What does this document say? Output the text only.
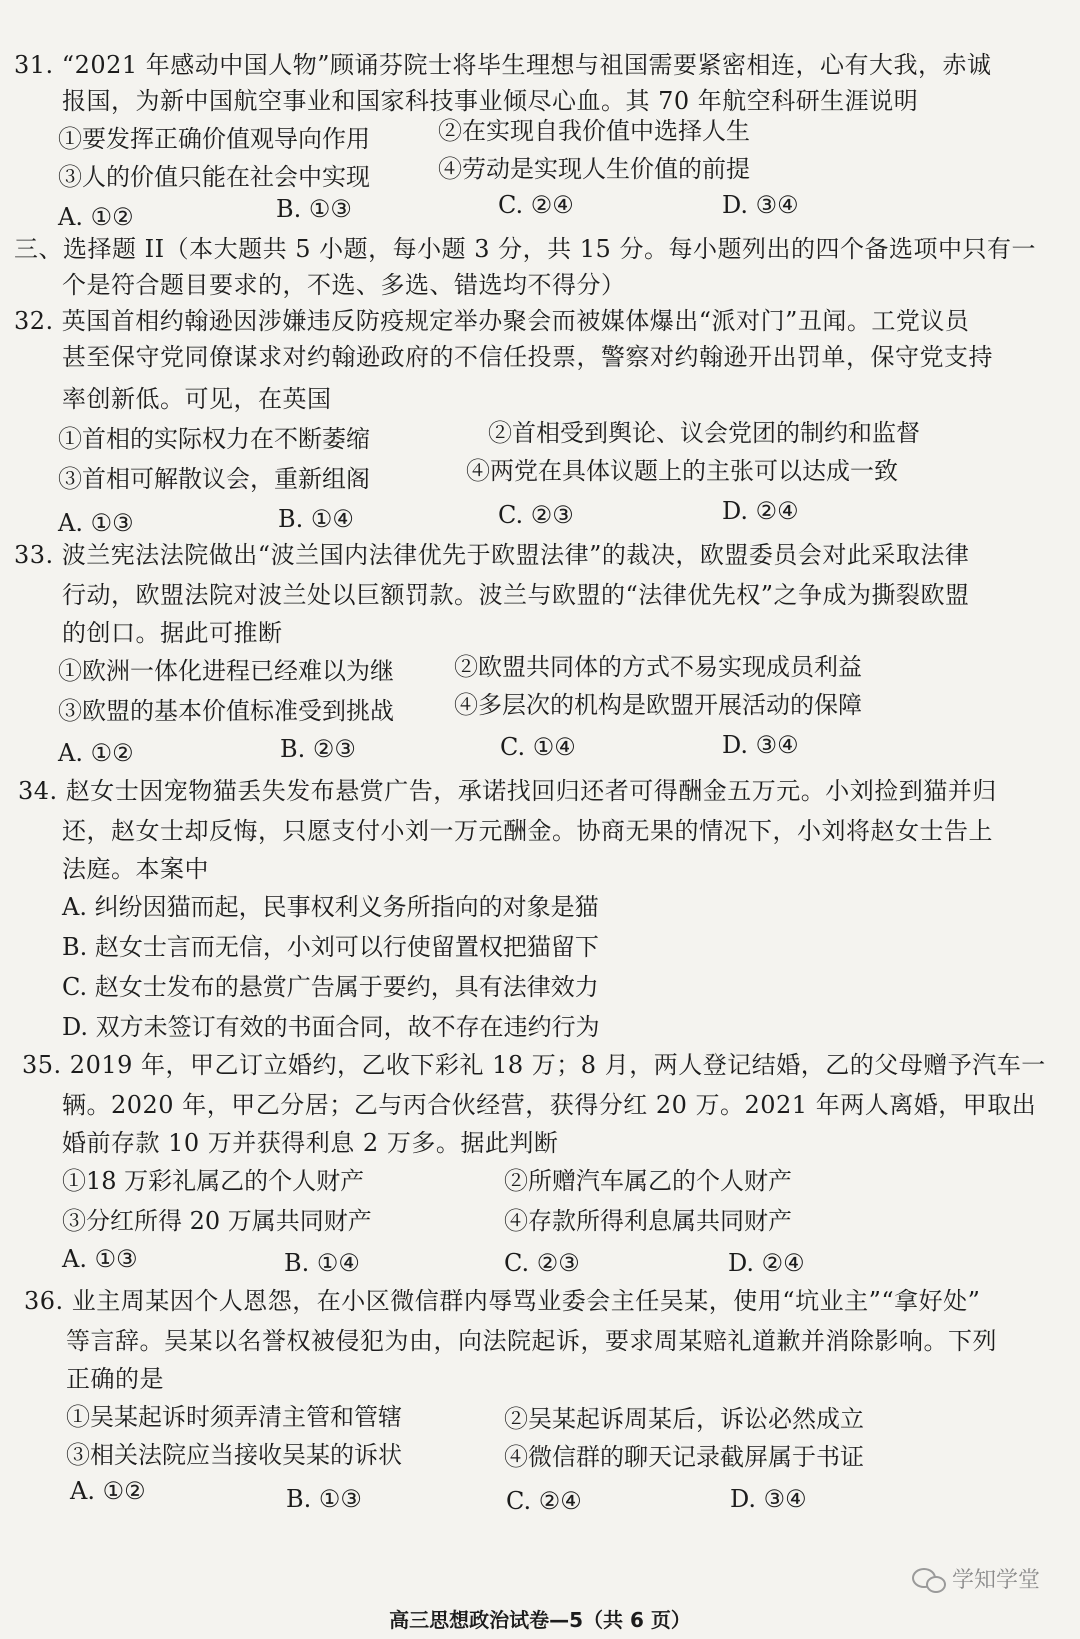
31. “2021 年感动中国人物”顾诵芬院士将毕生理想与祖国需要紧密相连，心有大我，赤诚
报国，为新中国航空事业和国家科技事业倾尽心血。其 70 年航空科研生涯说明
①要发挥正确价值观导向作用	②在实现自我价值中选择人生
③人的价值只能在社会中实现	④劳动是实现人生价值的前提
A. ①②	B. ①③	C. ②④	D. ③④
三、选择题 II（本大题共 5 小题，每小题 3 分，共 15 分。每小题列出的四个备选项中只有一
个是符合题目要求的，不选、多选、错选均不得分）
32. 英国首相约翰逊因涉嫌违反防疫规定举办聚会而被媒体爆出“派对门”丑闻。工党议员
甚至保守党同僚谋求对约翰逊政府的不信任投票，警察对约翰逊开出罚单，保守党支持
率创新低。可见，在英国
①首相的实际权力在不断萎缩	②首相受到舆论、议会党团的制约和监督
③首相可解散议会，重新组阁	④两党在具体议题上的主张可以达成一致
A. ①③	B. ①④	C. ②③	D. ②④
33. 波兰宪法法院做出“波兰国内法律优先于欧盟法律”的裁决，欧盟委员会对此采取法律
行动，欧盟法院对波兰处以巨额罚款。波兰与欧盟的“法律优先权”之争成为撕裂欧盟
的创口。据此可推断
①欧洲一体化进程已经难以为继	②欧盟共同体的方式不易实现成员利益
③欧盟的基本价值标准受到挑战	④多层次的机构是欧盟开展活动的保障
A. ①②	B. ②③	C. ①④	D. ③④
34. 赵女士因宠物猫丢失发布悬赏广告，承诺找回归还者可得酬金五万元。小刘捡到猫并归
还，赵女士却反悔，只愿支付小刘一万元酬金。协商无果的情况下，小刘将赵女士告上
法庭。本案中
A. 纠纷因猫而起，民事权利义务所指向的对象是猫
B. 赵女士言而无信，小刘可以行使留置权把猫留下
C. 赵女士发布的悬赏广告属于要约，具有法律效力
D. 双方未签订有效的书面合同，故不存在违约行为
35. 2019 年，甲乙订立婚约，乙收下彩礼 18 万；8 月，两人登记结婚，乙的父母赠予汽车一
辆。2020 年，甲乙分居；乙与丙合伙经营，获得分红 20 万。2021 年两人离婚，甲取出
婚前存款 10 万并获得利息 2 万多。据此判断
①18 万彩礼属乙的个人财产	②所赠汽车属乙的个人财产
③分红所得 20 万属共同财产	④存款所得利息属共同财产
A. ①③	B. ①④	C. ②③	D. ②④
36. 业主周某因个人恩怨，在小区微信群内辱骂业委会主任吴某，使用“坑业主”“拿好处”
等言辞。吴某以名誉权被侵犯为由，向法院起诉，要求周某赔礼道歉并消除影响。下列
正确的是
①吴某起诉时须弄清主管和管辖	②吴某起诉周某后，诉讼必然成立
③相关法院应当接收吴某的诉状	④微信群的聊天记录截屏属于书证
A. ①②	B. ①③	C. ②④	D. ③④
学知学堂
高三思想政治试卷—5（共 6 页）
